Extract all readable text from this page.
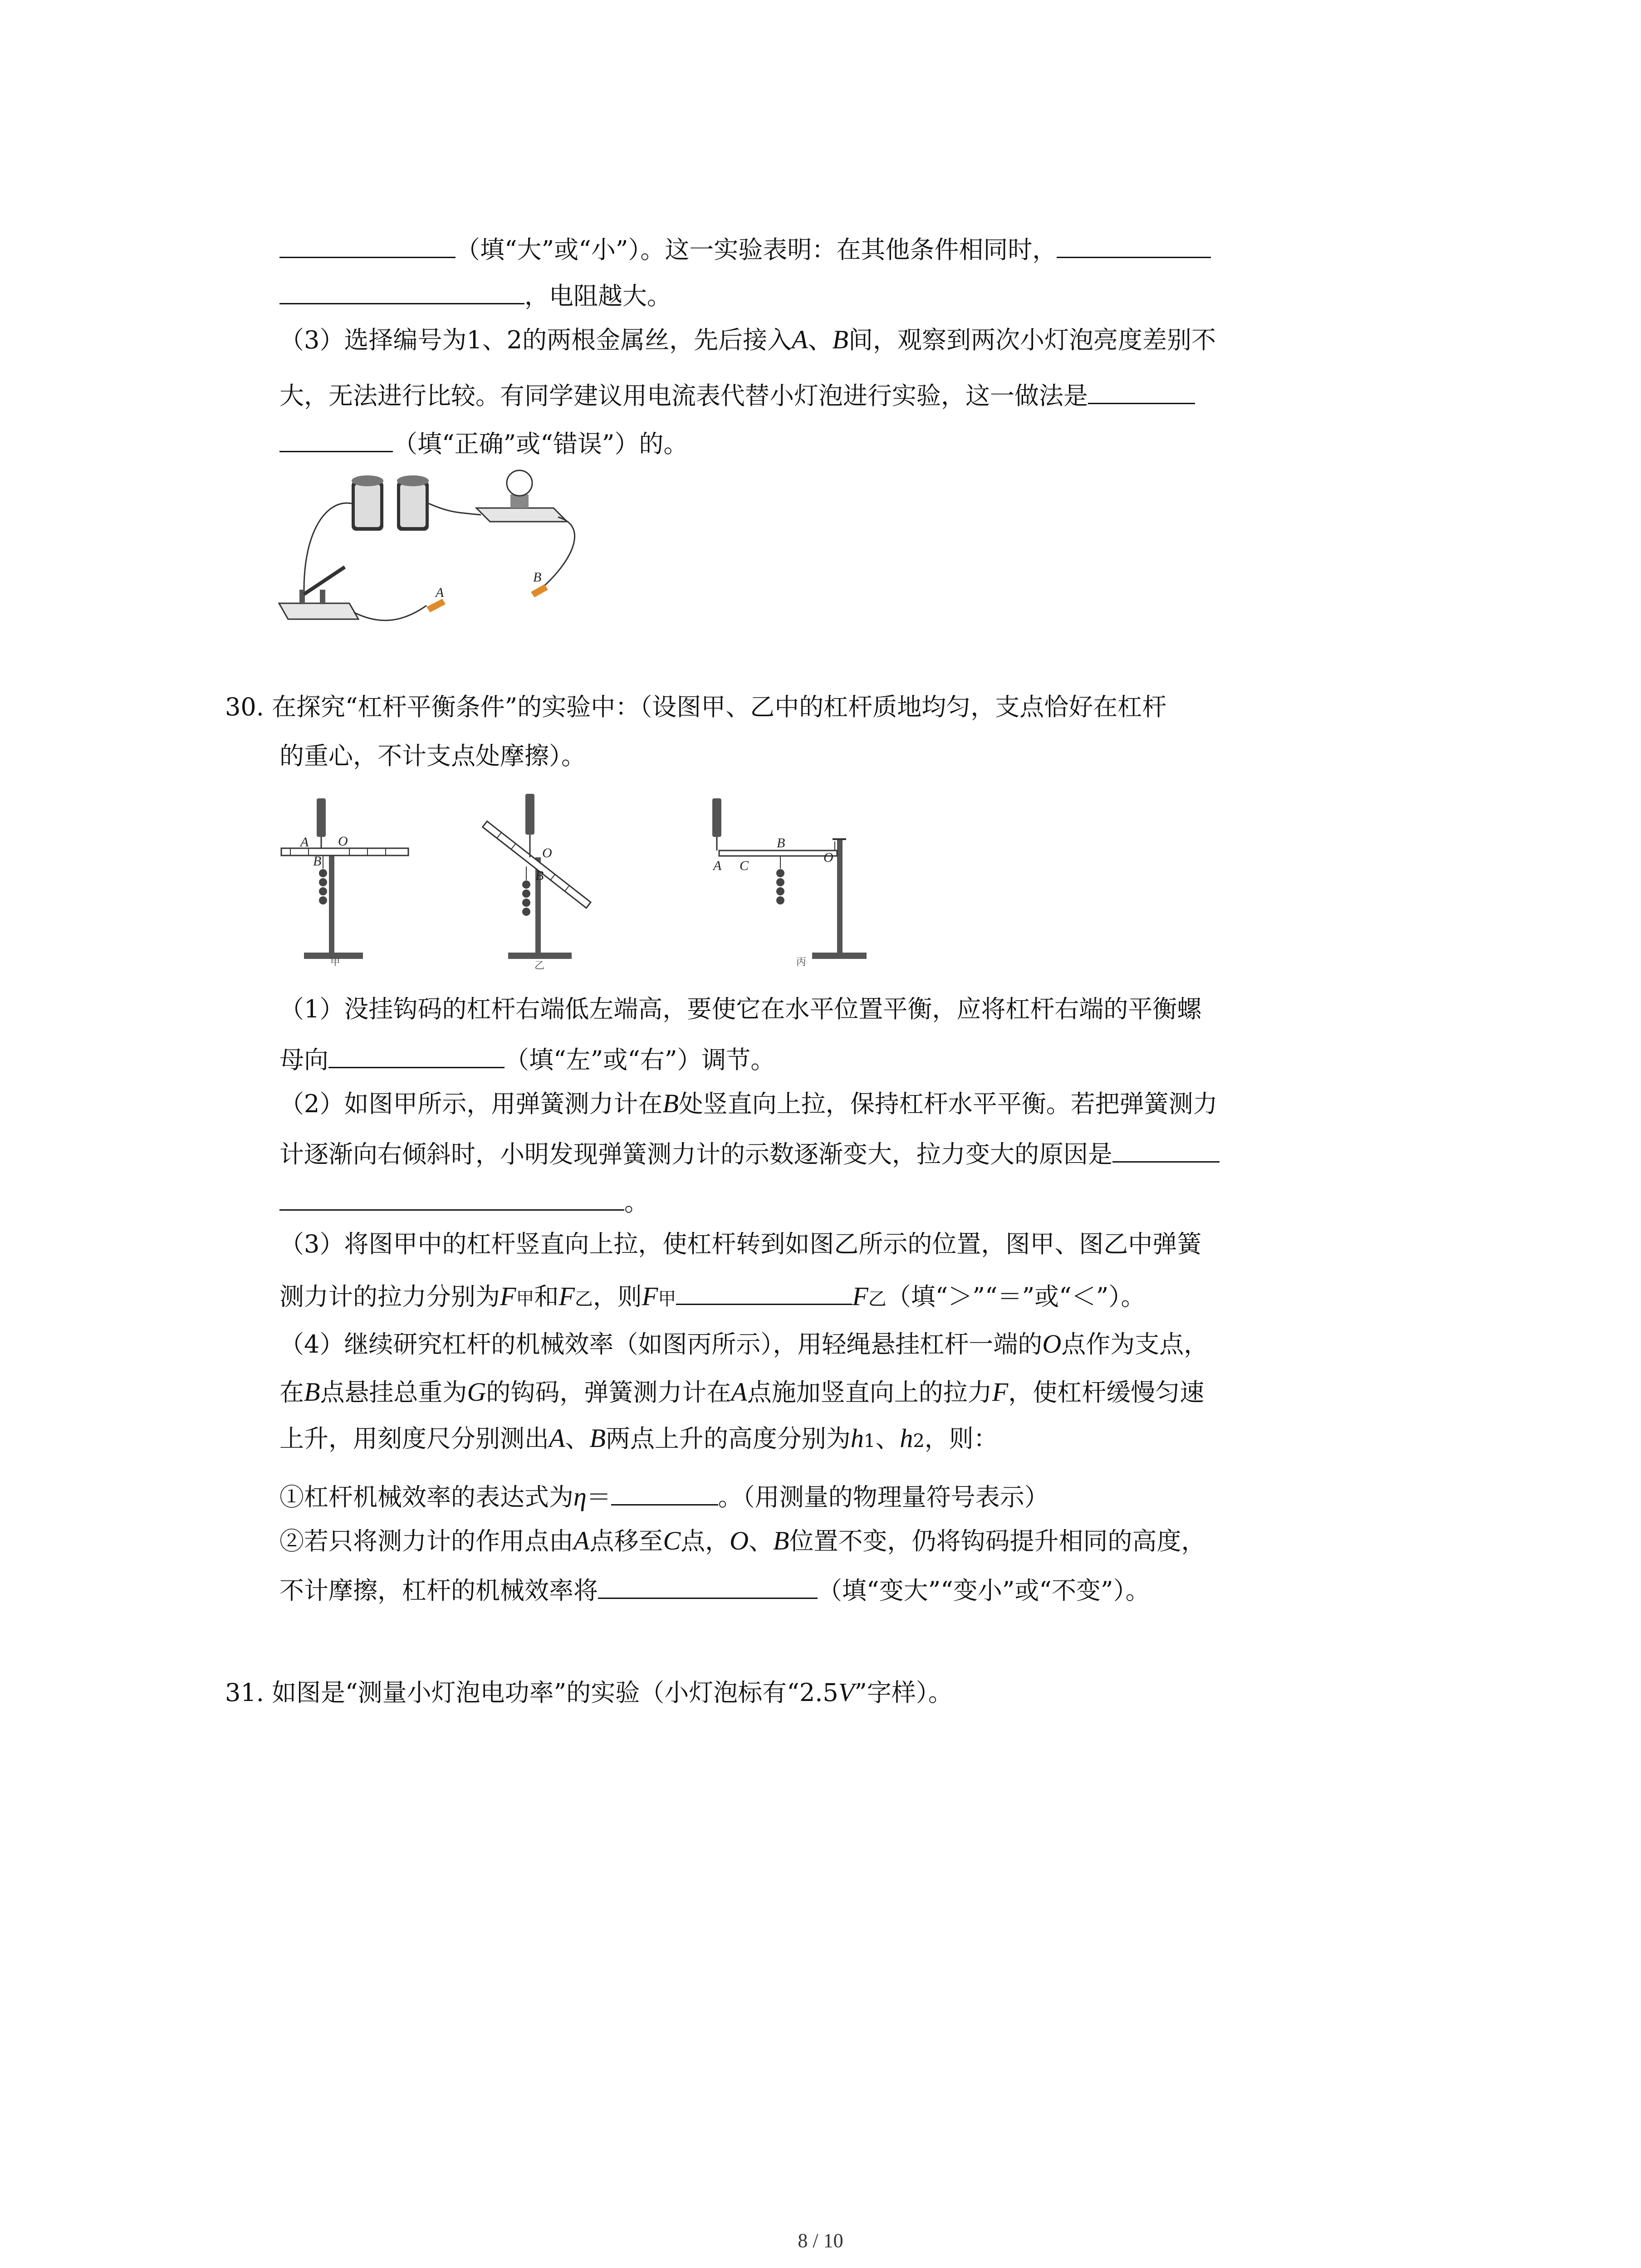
（填“大”或“小”）。这一实验表明：在其他条件相同时，
，电阻越大。
（3）选择编号为1、2的两根金属丝，先后接入A、B间，观察到两次小灯泡亮度差别不
大，无法进行比较。有同学建议用电流表代替小灯泡进行实验，这一做法是
（填“正确”或“错误”）的。
A
B
30. 在探究“杠杆平衡条件”的实验中：（设图甲、乙中的杠杆质地均匀，支点恰好在杠杆
的重心，不计支点处摩擦）。
A O
B
甲
O
B
乙
A C
B
O
丙
（1）没挂钩码的杠杆右端低左端高，要使它在水平位置平衡，应将杠杆右端的平衡螺
母向	（填“左”或“右”）调节。
（2）如图甲所示，用弹簧测力计在B处竖直向上拉，保持杠杆水平平衡。若把弹簧测力
计逐渐向右倾斜时，小明发现弹簧测力计的示数逐渐变大，拉力变大的原因是
。
（3）将图甲中的杠杆竖直向上拉，使杠杆转到如图乙所示的位置，图甲、图乙中弹簧
测力计的拉力分别为F甲和F乙，则F甲	F乙（填“＞”“＝”或“＜”）。
（4）继续研究杠杆的机械效率（如图丙所示），用轻绳悬挂杠杆一端的O点作为支点，
在B点悬挂总重为G的钩码，弹簧测力计在A点施加竖直向上的拉力F，使杠杆缓慢匀速
上升，用刻度尺分别测出A、B两点上升的高度分别为h1、h2，则：
①杠杆机械效率的表达式为η＝	。（用测量的物理量符号表示）
②若只将测力计的作用点由A点移至C点，O、B位置不变，仍将钩码提升相同的高度，
不计摩擦，杠杆的机械效率将	（填“变大”“变小”或“不变”）。
31. 如图是“测量小灯泡电功率”的实验（小灯泡标有“2.5V”字样）。
8 / 10
